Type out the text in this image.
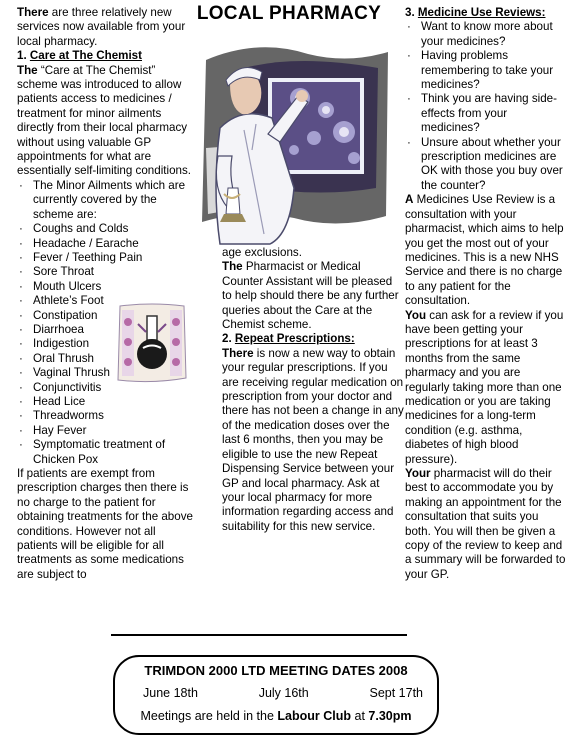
LOCAL PHARMACY

There are three relatively new services now available from your local pharmacy.

1. Care at The Chemist

The “Care at The Chemist” scheme was introduced to allow patients access to medicines / treatment for minor ailments directly from their local pharmacy without using valuable GP appointments for what are essentially self-limiting conditions.

· The Minor Ailments which are currently covered by the scheme are:
· Coughs and Colds
· Headache / Earache
· Fever / Teething Pain
· Sore Throat
· Mouth Ulcers
· Athlete’s Foot
· Constipation
· Diarrhoea
· Indigestion
· Oral Thrush
· Vaginal Thrush
· Conjunctivitis
· Head Lice
· Threadworms
· Hay Fever
· Symptomatic treatment of Chicken Pox

If patients are exempt from prescription charges then there is no charge to the patient for obtaining treatments for the above conditions. However not all patients will be eligible for all treatments as some medications are subject to

age exclusions.

The Pharmacist or Medical Counter Assistant will be pleased to help should there be any further queries about the Care at the Chemist scheme.

2. Repeat Prescriptions:

There is now a new way to obtain your regular prescriptions. If you are receiving regular medication on prescription from your doctor and there has not been a change in any of the medication doses over the last 6 months, then you may be eligible to use the new Repeat Dispensing Service between your GP and local pharmacy. Ask at your local pharmacy for more information regarding access and suitability for this new service.

3. Medicine Use Reviews:

· Want to know more about your medicines?
· Having problems remembering to take your medicines?
· Think you are having side-effects from your medicines?
· Unsure about whether your prescription medicines are OK with those you buy over the counter?

A Medicines Use Review is a consultation with your pharmacist, which aims to help you get the most out of your medicines. This is a new NHS Service and there is no charge to any patient for the consultation.

You can ask for a review if you have been getting your prescriptions for at least 3 months from the same pharmacy and you are regularly taking more than one medication or you are taking medicines for a long-term condition (e.g. asthma, diabetes of high blood pressure).

Your pharmacist will do their best to accommodate you by making an appointment for the consultation that suits you both. You will then be given a copy of the review to keep and a summary will be forwarded to your GP.

TRIMDON 2000 LTD MEETING DATES 2008
June 18th	July 16th	Sept 17th
Meetings are held in the Labour Club at 7.30pm
